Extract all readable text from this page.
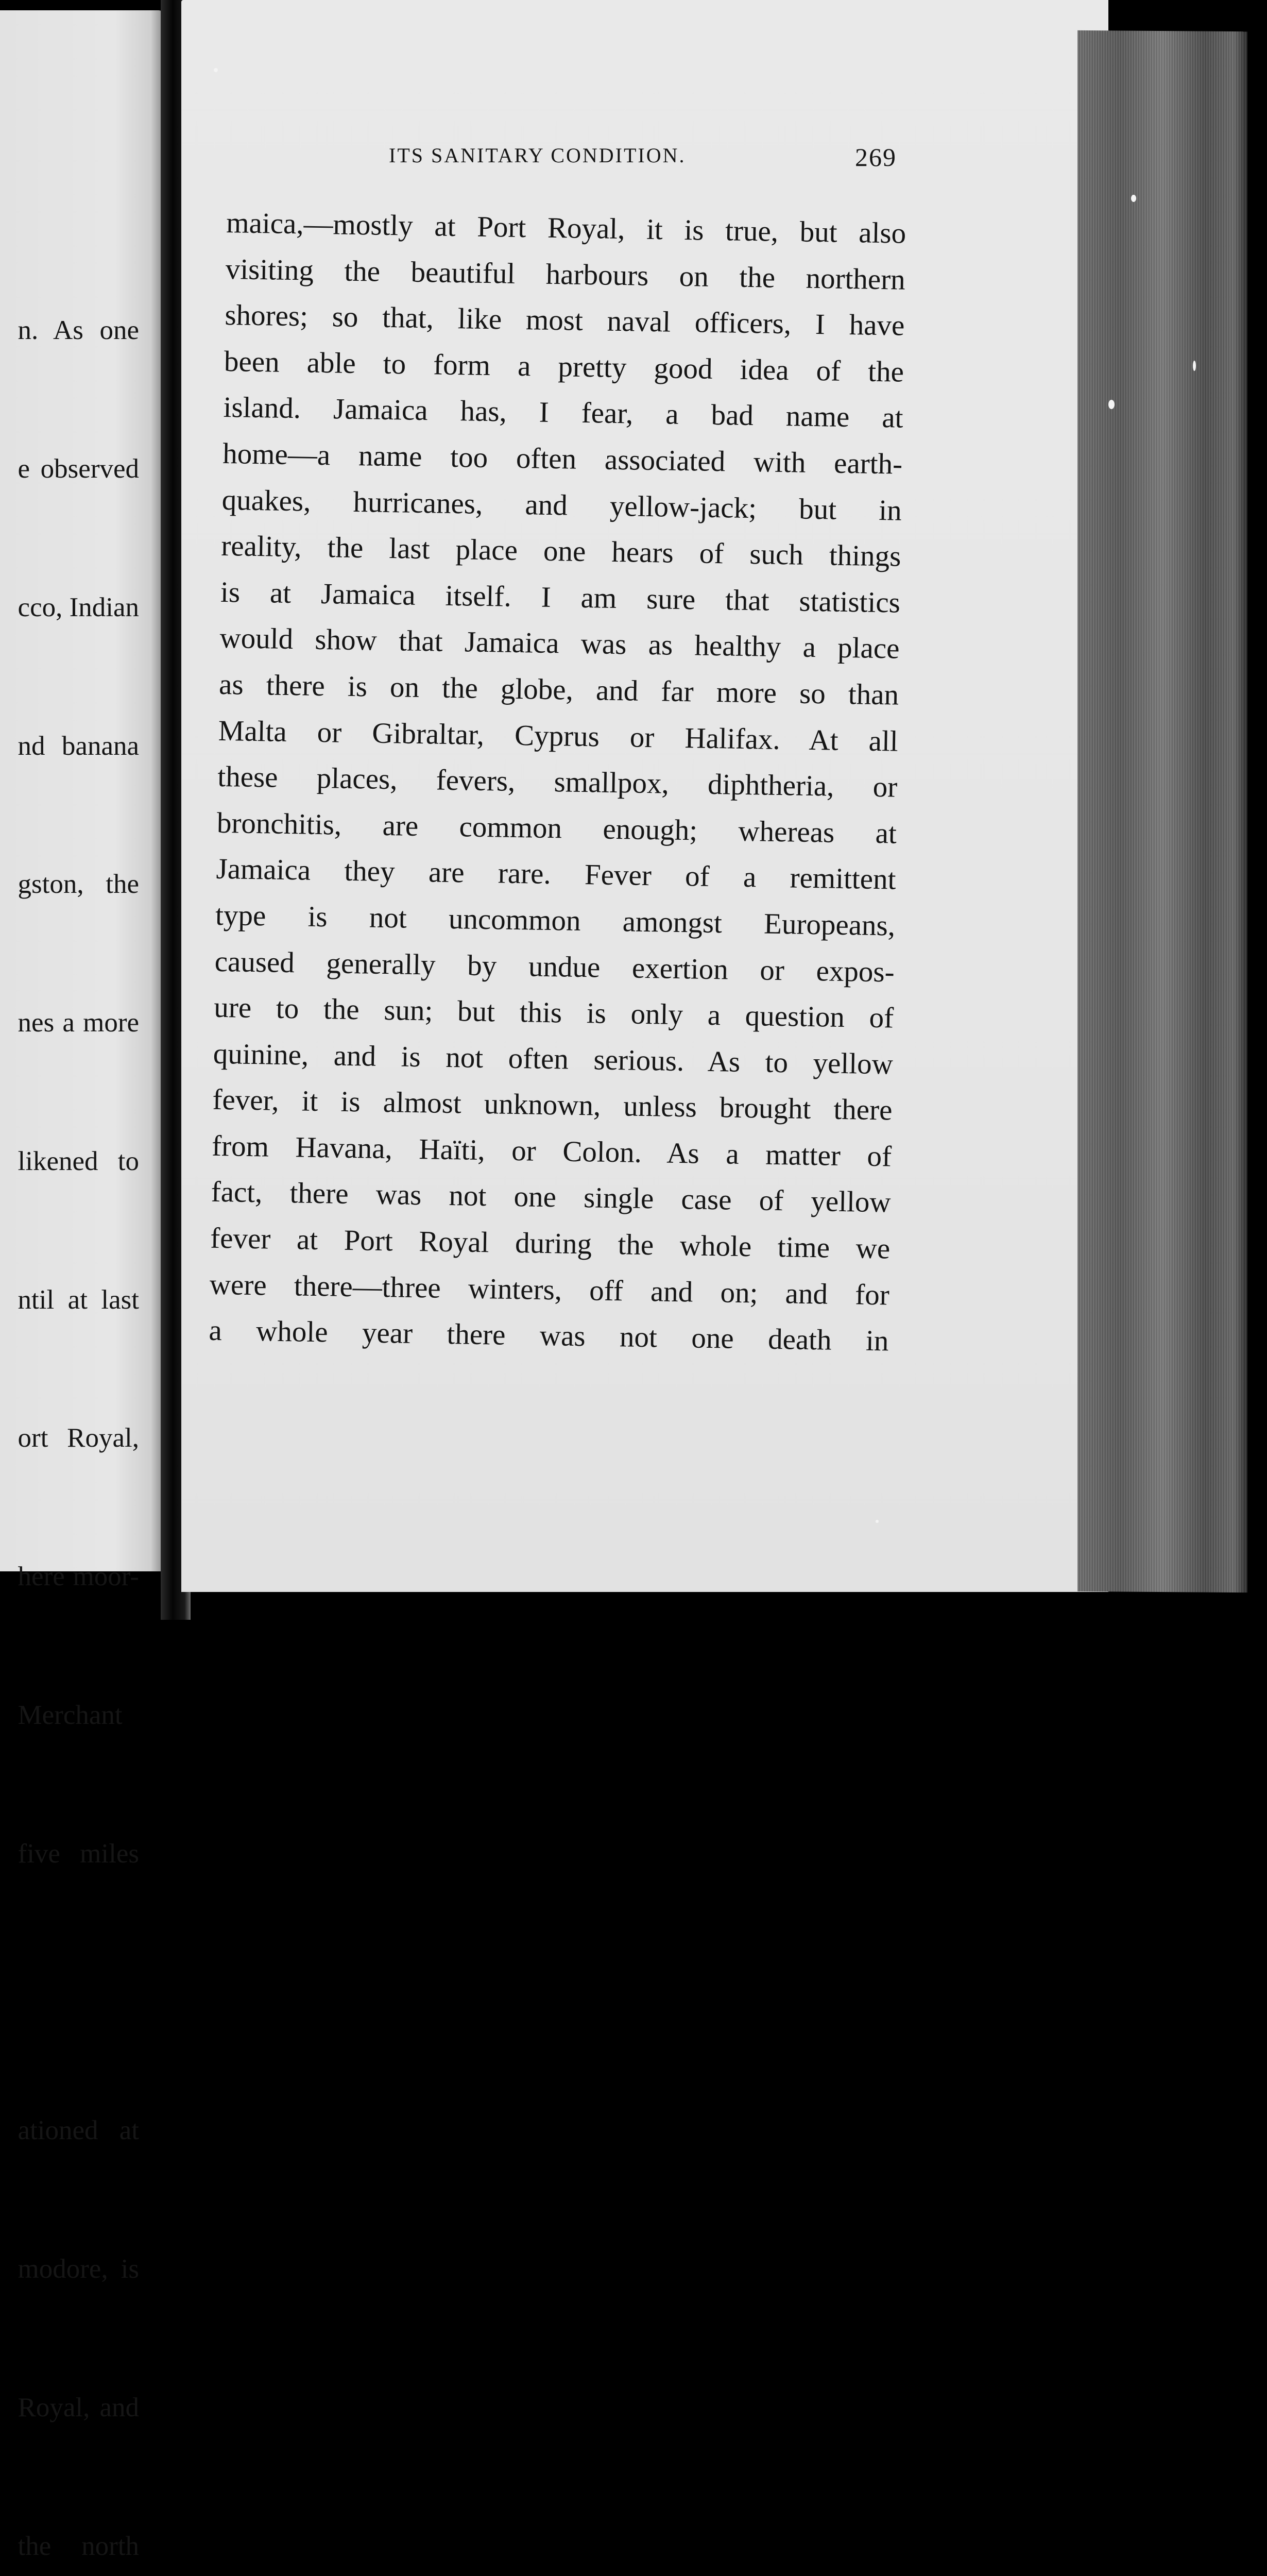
n. As one

e observed

cco, Indian

nd banana

gston, the

nes a more

likened to

ntil at last

ort Royal,

here moor-

Merchant

five miles

ationed at

modore, is

Royal, and

the north

ITS SANITARY CONDITION.	269
maica,—mostly at Port Royal, it is true, but also
visiting the beautiful harbours on the northern
shores; so that, like most naval officers, I have
been able to form a pretty good idea of the
island. Jamaica has, I fear, a bad name at
home—a name too often associated with earth-
quakes, hurricanes, and yellow-jack; but in
reality, the last place one hears of such things
is at Jamaica itself. I am sure that statistics
would show that Jamaica was as healthy a place
as there is on the globe, and far more so than
Malta or Gibraltar, Cyprus or Halifax. At all
these places, fevers, smallpox, diphtheria, or
bronchitis, are common enough; whereas at
Jamaica they are rare. Fever of a remittent
type is not uncommon amongst Europeans,
caused generally by undue exertion or expos-
ure to the sun; but this is only a question of
quinine, and is not often serious. As to yellow
fever, it is almost unknown, unless brought there
from Havana, Haïti, or Colon. As a matter of
fact, there was not one single case of yellow
fever at Port Royal during the whole time we
were there—three winters, off and on; and for
a whole year there was not one death in
